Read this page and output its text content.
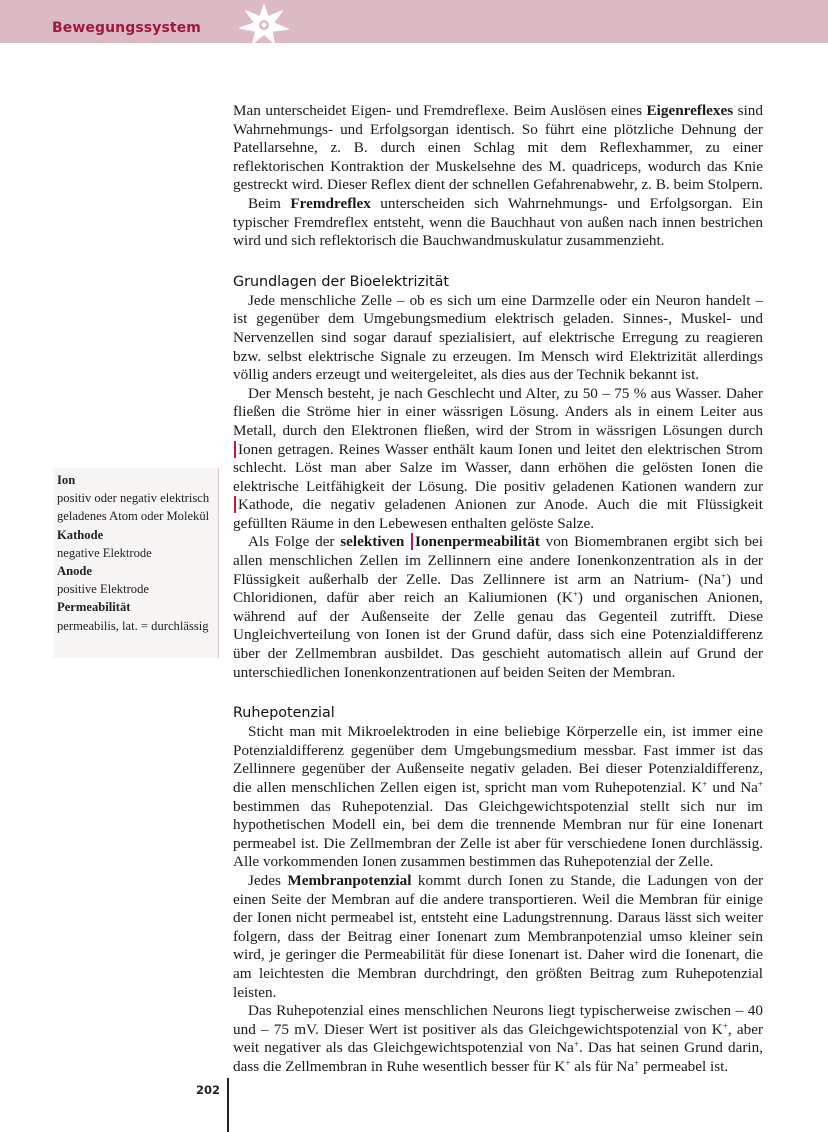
Bewegungssystem

Man unterscheidet Eigen- und Fremdreflexe. Beim Auslösen eines Eigenreflexes sind Wahrnehmungs- und Erfolgsorgan identisch. So führt eine plötzliche Dehnung der Patellarsehne, z. B. durch einen Schlag mit dem Reflexhammer, zu einer reflektorischen Kontraktion der Muskelsehne des M. quadriceps, wodurch das Knie gestreckt wird. Dieser Reflex dient der schnellen Gefahrenabwehr, z. B. beim Stolpern.

Beim Fremdreflex unterscheiden sich Wahrnehmungs- und Erfolgsorgan. Ein typischer Fremdreflex entsteht, wenn die Bauchhaut von außen nach innen bestrichen wird und sich reflektorisch die Bauchwandmuskulatur zusammenzieht.

Grundlagen der Bioelektrizität

Jede menschliche Zelle – ob es sich um eine Darmzelle oder ein Neuron handelt – ist gegenüber dem Umgebungsmedium elektrisch geladen. Sinnes-, Muskel- und Nervenzellen sind sogar darauf spezialisiert, auf elektrische Erregung zu reagieren bzw. selbst elektrische Signale zu erzeugen. Im Mensch wird Elektrizität allerdings völlig anders erzeugt und weitergeleitet, als dies aus der Technik bekannt ist.

Der Mensch besteht, je nach Geschlecht und Alter, zu 50 – 75 % aus Wasser. Daher fließen die Ströme hier in einer wässrigen Lösung. Anders als in einem Leiter aus Metall, durch den Elektronen fließen, wird der Strom in wässrigen Lösungen durch Ionen getragen. Reines Wasser enthält kaum Ionen und leitet den elektrischen Strom schlecht. Löst man aber Salze im Wasser, dann erhöhen die gelösten Ionen die elektrische Leitfähigkeit der Lösung. Die positiv geladenen Kationen wandern zur Kathode, die negativ geladenen Anionen zur Anode. Auch die mit Flüssigkeit gefüllten Räume in den Lebewesen enthalten gelöste Salze.

Als Folge der selektiven Ionenpermeabilität von Biomembranen ergibt sich bei allen menschlichen Zellen im Zellinnern eine andere Ionenkonzentration als in der Flüssigkeit außerhalb der Zelle. Das Zellinnere ist arm an Natrium- (Na+) und Chloridionen, dafür aber reich an Kaliumionen (K+) und organischen Anionen, während auf der Außenseite der Zelle genau das Gegenteil zutrifft. Diese Ungleichverteilung von Ionen ist der Grund dafür, dass sich eine Potenzialdifferenz über der Zellmembran ausbildet. Das geschieht automatisch allein auf Grund der unterschiedlichen Ionenkonzentrationen auf beiden Seiten der Membran.

Ruhepotenzial

Sticht man mit Mikroelektroden in eine beliebige Körperzelle ein, ist immer eine Potenzialdifferenz gegenüber dem Umgebungsmedium messbar. Fast immer ist das Zellinnere gegenüber der Außenseite negativ geladen. Bei dieser Potenzialdifferenz, die allen menschlichen Zellen eigen ist, spricht man vom Ruhepotenzial. K+ und Na+ bestimmen das Ruhepotenzial. Das Gleichgewichtspotenzial stellt sich nur im hypothetischen Modell ein, bei dem die trennende Membran nur für eine Ionenart permeabel ist. Die Zellmembran der Zelle ist aber für verschiedene Ionen durchlässig. Alle vorkommenden Ionen zusammen bestimmen das Ruhepotenzial der Zelle.

Jedes Membranpotenzial kommt durch Ionen zu Stande, die Ladungen von der einen Seite der Membran auf die andere transportieren. Weil die Membran für einige der Ionen nicht permeabel ist, entsteht eine Ladungstrennung. Daraus lässt sich weiter folgern, dass der Beitrag einer Ionenart zum Membranpotenzial umso kleiner sein wird, je geringer die Permeabilität für diese Ionenart ist. Daher wird die Ionenart, die am leichtesten die Membran durchdringt, den größten Beitrag zum Ruhepotenzial leisten.

Das Ruhepotenzial eines menschlichen Neurons liegt typischerweise zwischen – 40 und – 75 mV. Dieser Wert ist positiver als das Gleichgewichtspotenzial von K+, aber weit negativer als das Gleichgewichtspotenzial von Na+. Das hat seinen Grund darin, dass die Zellmembran in Ruhe wesentlich besser für K+ als für Na+ permeabel ist.

Ion
positiv oder negativ elektrisch geladenes Atom oder Molekül
Kathode
negative Elektrode
Anode
positive Elektrode
Permeabilität
permeabilis, lat. = durchlässig
202
